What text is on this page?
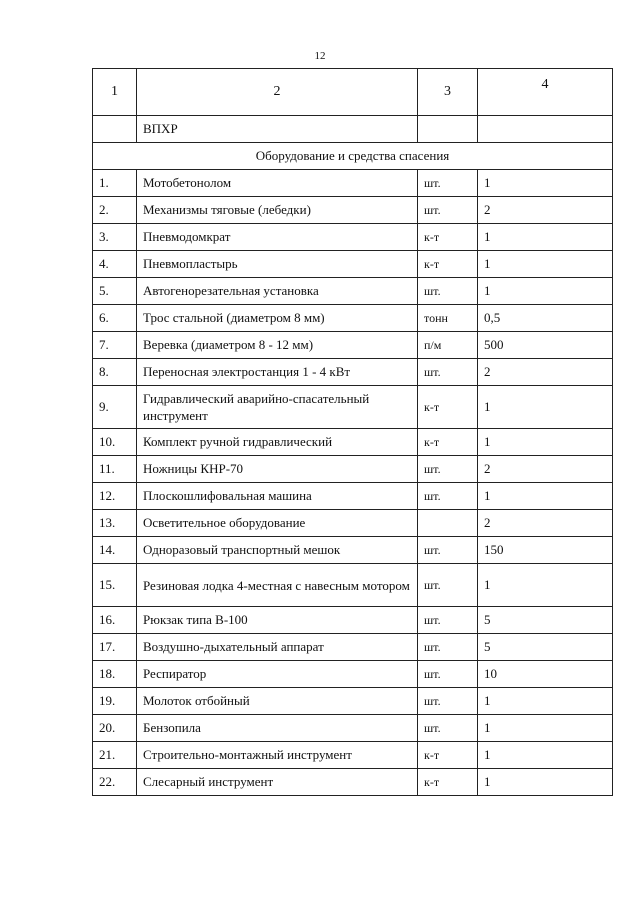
12
1	2	3	4
	ВПХР		
Оборудование и средства спасения			
1.	Мотобетонолом	шт.	1
2.	Механизмы тяговые (лебедки)	шт.	2
3.	Пневмодомкрат	к-т	1
4.	Пневмопластырь	к-т	1
5.	Автогенорезательная установка	шт.	1
6.	Трос стальной (диаметром 8 мм)	тонн	0,5
7.	Веревка (диаметром 8 - 12 мм)	п/м	500
8.	Переносная электростанция 1 - 4 кВт	шт.	2
9.	Гидравлический аварийно-спасательный инструмент	к-т	1
10.	Комплект ручной гидравлический	к-т	1
11.	Ножницы КНР-70	шт.	2
12.	Плоскошлифовальная машина	шт.	1
13.	Осветительное оборудование		2
14.	Одноразовый транспортный мешок	шт.	150
15.	Резиновая лодка 4-местная с навесным мотором	шт.	1
16.	Рюкзак типа В-100	шт.	5
17.	Воздушно-дыхательный аппарат	шт.	5
18.	Респиратор	шт.	10
19.	Молоток отбойный	шт.	1
20.	Бензопила	шт.	1
21.	Строительно-монтажный инструмент	к-т	1
22.	Слесарный инструмент	к-т	1
